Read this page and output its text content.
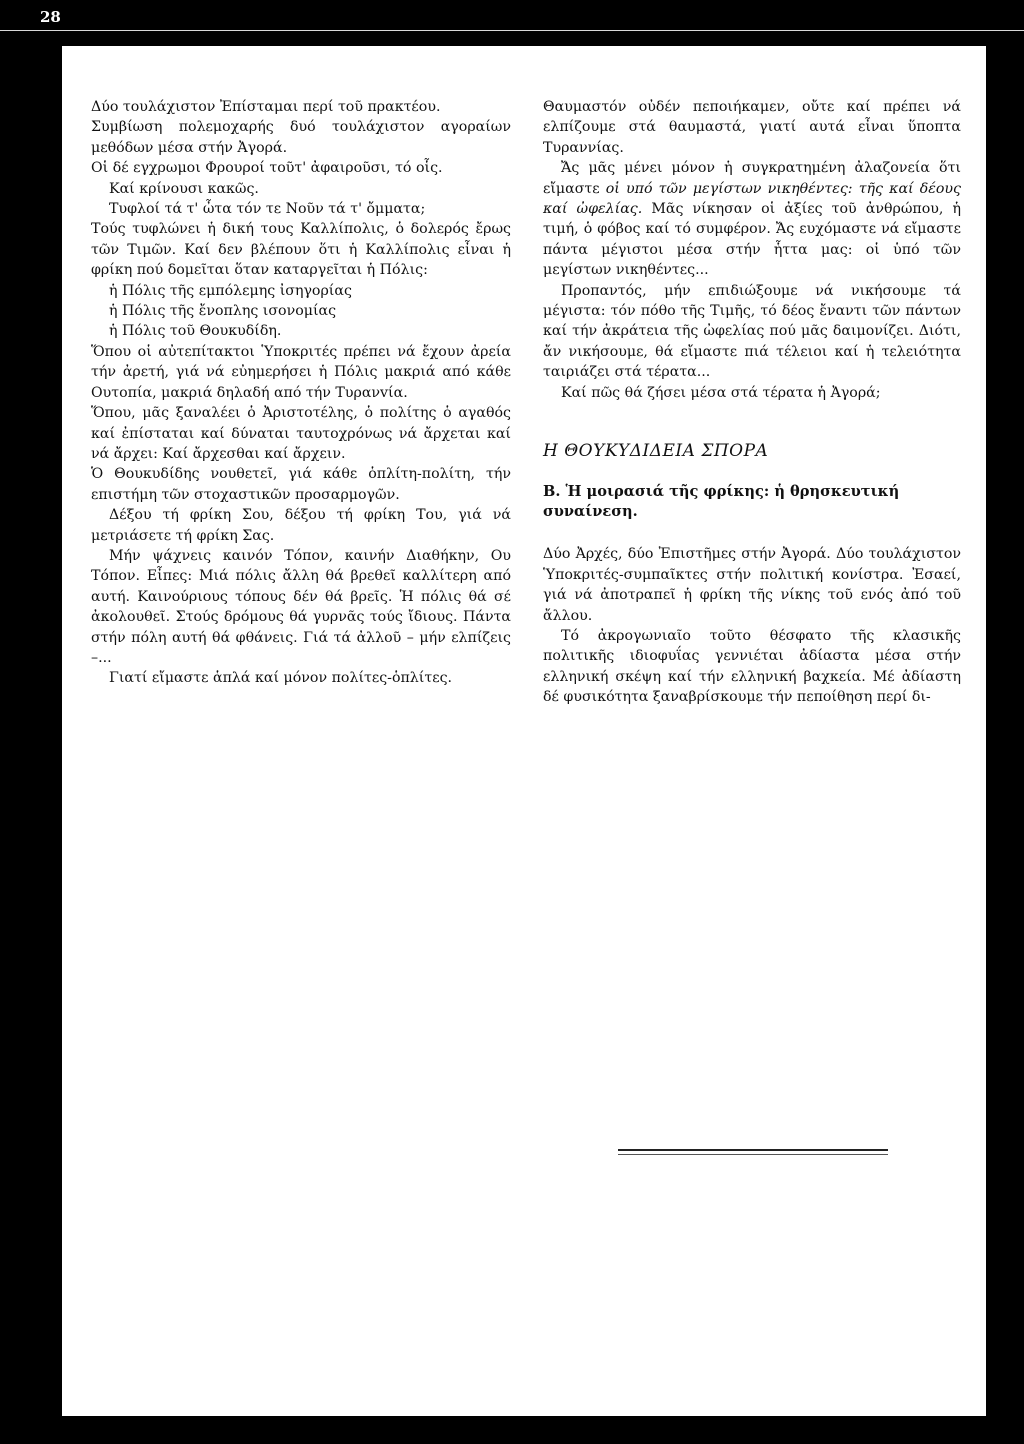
28

Δύο τουλάχιστον Ἐπίσταμαι περί τοῦ πρακτέου.

Συμβίωση πολεμοχαρής δυό τουλάχιστον αγοραίων μεθόδων μέσα στήν Ἀγορά.

Οἱ δέ εγχρωμοι Φρουροί τοῦτ' ἀφαιροῦσι, τό οἷς.

Καί κρίνουσι κακῶς.

Τυφλοί τά τ' ὦτα τόν τε Νοῦν τά τ' ὄμματα;

Τούς τυφλώνει ἡ δική τους Καλλίπολις, ὁ δολερός ἔρως τῶν Τιμῶν. Καί δεν βλέπουν ὅτι ἡ Καλλίπολις εἶναι ἡ φρίκη πού δομεῖται ὅταν καταργεῖται ἡ Πόλις:

ἡ Πόλις τῆς εμπόλεμης ἰσηγορίας

ἡ Πόλις τῆς ἔνοπλης ισονομίας

ἡ Πόλις τοῦ Θουκυδίδη.

Ὅπου οἱ αὐτεπίτακτοι Ὑποκριτές πρέπει νά ἔχουν ἀρεία τήν ἀρετή, γιά νά εὐημερήσει ἡ Πόλις μακριά από κάθε Ουτοπία, μακριά δηλαδή από τήν Τυρανvία.

Ὅπου, μᾶς ξαναλέει ὁ Ἀριστοτέλης, ὁ πολίτης ὁ αγαθός καί ἐπίσταται καί δύναται ταυτοχρόνως νά ἄρχεται καί νά ἄρχει: Καί ἄρχεσθαι καί ἄρχειν.

Ὁ Θουκυδίδης νουθετεῖ, γιά κάθε ὁπλίτη-πολίτη, τήν επιστήμη τῶν στοχαστικῶν προσαρμογῶν.

Δέξου τή φρίκη Σου, δέξου τή φρίκη Του, γιά νά μετριάσετε τή φρίκη Σας.

Μήν ψάχνεις καινόν Τόπον, καινήν Διαθήκην, Ου Τόπον. Εἶπες: Μιά πόλις ἄλλη θά βρεθεῖ καλλίτερη από αυτή. Καινούριους τόπους δέν θά βρεῖς. Ἡ πόλις θά σέ ἀκολουθεῖ. Στούς δρόμους θά γυρνᾶς τούς ἴδιους. Πάντα στήν πόλη αυτή θά φθάνεις. Γιά τά ἀλλοῦ – μήν ελπίζεις –...

Γιατί εἴμαστε ἁπλά καί μόνον πολίτες-ὁπλίτες.

Θαυμαστόν οὐδέν πεποιήκαμεν, οὔτε καί πρέπει νά ελπίζουμε στά θαυμαστά, γιατί αυτά εἶναι ὕποπτα Τυραννίας.

Ἄς μᾶς μένει μόνον ἡ συγκρατημένη ἀλαζονεία ὅτι εἴμαστε οἱ υπό τῶν μεγίστων νικηθέντες: τῆς καί δέους καί ὠφελίας. Μᾶς νίκησαν οἱ ἀξίες τοῦ ἀνθρώπου, ἡ τιμή, ὁ φόβος καί τό συμφέρον. Ἄς ευχόμαστε νά εἴμαστε πάντα μέγιστοι μέσα στήν ἧττα μας: οἱ ὑπό τῶν μεγίστων νικηθέντες...

Προπαντός, μήν επιδιώξουμε νά νικήσουμε τά μέγιστα: τόν πόθο τῆς Τιμῆς, τό δέος ἔναντι τῶν πάντων καί τήν ἀκράτεια τῆς ὠφελίας πού μᾶς δαιμονίζει. Διότι, ἄν νικήσουμε, θά εἴμαστε πιά τέλειοι καί ἡ τελειότητα ταιριάζει στά τέρατα...

Καί πῶς θά ζήσει μέσα στά τέρατα ἡ Ἀγορά;

Η ΘΟΥΚΥΔΙΔΕΙΑ ΣΠΟΡΑ

Β. Ἡ μοιρασιά τῆς φρίκης: ἡ θρησκευτική συναίνεση.

Δύο Ἀρχές, δύο Ἐπιστῆμες στήν Ἀγορά. Δύο τουλάχιστον Ὑποκριτές-συμπαῖκτες στήν πολιτική κονίστρα. Ἐσαεί, γιά νά ἀποτραπεῖ ἡ φρίκη τῆς νίκης τοῦ ενός ἀπό τοῦ ἄλλου.

Τό ἀκρογωνιαῖο τοῦτο θέσφατο τῆς κλασικῆς πολιτικῆς ιδιοφυΐας γεννιέται ἀδίαστα μέσα στήν ελληνική σκέψη καί τήν ελληνική βαχκεία. Μέ ἀδίαστη δέ φυσικότητα ξαναβρίσκουμε τήν πεποίθηση περί δι-
